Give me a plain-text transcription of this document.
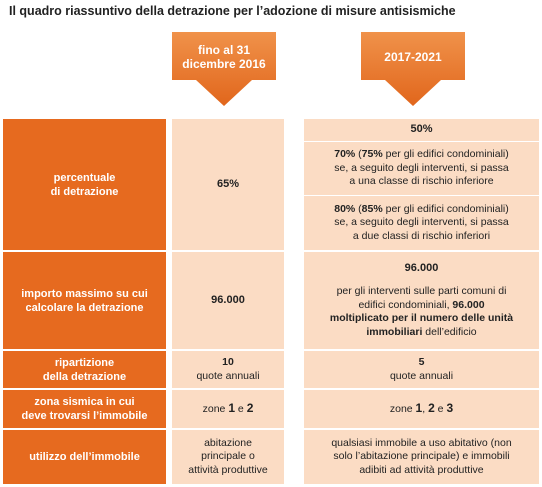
Il quadro riassuntivo della detrazione per l’adozione di misure antisismiche
fino al 31
dicembre 2016	2017-2021
percentuale
di detrazione
65%
50%
70% (75% per gli edifici condominiali)
se, a seguito degli interventi, si passa
a una classe di rischio inferiore
80% (85% per gli edifici condominiali)
se, a seguito degli interventi, si passa
a due classi di rischio inferiori
importo massimo su cui
calcolare la detrazione
96.000
96.000
per gli interventi sulle parti comuni di
edifici condominiali, 96.000
moltiplicato per il numero delle unità
immobiliari dell’edificio
ripartizione
della detrazione
10
quote annuali
5
quote annuali
zona sismica in cui
deve trovarsi l’immobile
zone 1 e 2	zone 1, 2 e 3
utilizzo dell’immobile
abitazione
principale o
attività produttive
qualsiasi immobile a uso abitativo (non
solo l’abitazione principale) e immobili
adibiti ad attività produttive
